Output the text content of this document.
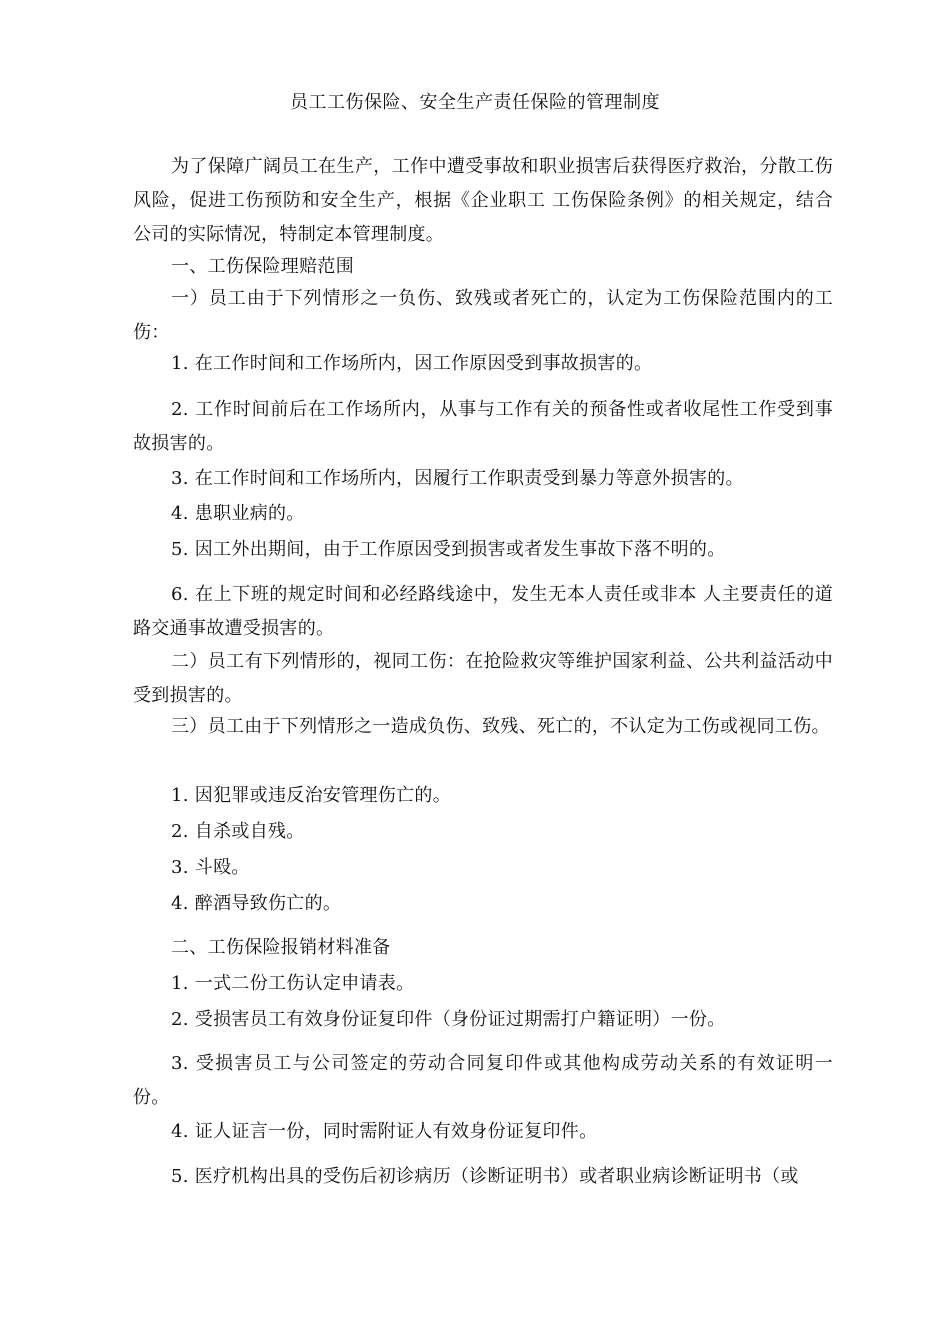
员工工伤保险、安全生产责任保险的管理制度
为了保障广阔员工在生产，工作中遭受事故和职业损害后获得医疗救治，分散工伤风险，促进工伤预防和安全生产，根据《企业职工 工伤保险条例》的相关规定，结合公司的实际情况，特制定本管理制度。
一、工伤保险理赔范围
一）员工由于下列情形之一负伤、致残或者死亡的，认定为工伤保险范围内的工伤：
1. 在工作时间和工作场所内，因工作原因受到事故损害的。
2. 工作时间前后在工作场所内，从事与工作有关的预备性或者收尾性工作受到事故损害的。
3. 在工作时间和工作场所内，因履行工作职责受到暴力等意外损害的。
4. 患职业病的。
5. 因工外出期间，由于工作原因受到损害或者发生事故下落不明的。
6. 在上下班的规定时间和必经路线途中，发生无本人责任或非本 人主要责任的道路交通事故遭受损害的。
二）员工有下列情形的，视同工伤：在抢险救灾等维护国家利益、公共利益活动中受到损害的。
三）员工由于下列情形之一造成负伤、致残、死亡的，不认定为工伤或视同工伤。
1. 因犯罪或违反治安管理伤亡的。
2. 自杀或自残。
3. 斗殴。
4. 醉酒导致伤亡的。
二、工伤保险报销材料准备
1. 一式二份工伤认定申请表。
2. 受损害员工有效身份证复印件（身份证过期需打户籍证明）一份。
3. 受损害员工与公司签定的劳动合同复印件或其他构成劳动关系的有效证明一份。
4. 证人证言一份，同时需附证人有效身份证复印件。
5. 医疗机构出具的受伤后初诊病历（诊断证明书）或者职业病诊断证明书（或
